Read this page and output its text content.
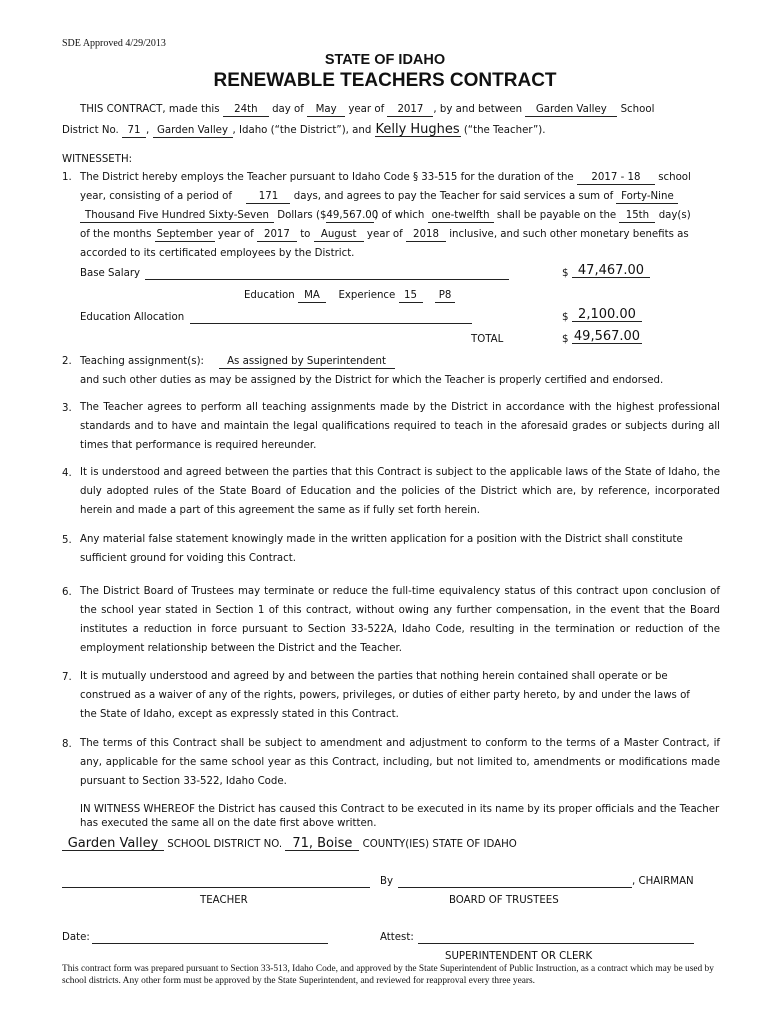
SDE Approved 4/29/2013
STATE OF IDAHO
RENEWABLE TEACHERS CONTRACT
THIS CONTRACT, made this 24th day of May year of 2017 , by and between Garden Valley School
District No. 71 , Garden Valley , Idaho (“the District”), and Kelly Hughes (“the Teacher”).
WITNESSETH:
1. The District hereby employs the Teacher pursuant to Idaho Code § 33-515 for the duration of the 2017 - 18 school
year, consisting of a period of	171 days, and agrees to pay the Teacher for said services a sum of Forty-Nine
Thousand Five Hundred Sixty-Seven Dollars ($49,567.00) of which one-twelfth shall be payable on the 15th day(s)
of the months September year of 2017 to August year of 2018 inclusive, and such other monetary benefits as
accorded to its certificated employees by the District.
Base Salary	$ 47,467.00
Education MA Experience 15 P8
Education Allocation	$ 2,100.00
TOTAL	$ 49,567.00
2. Teaching assignment(s): As assigned by Superintendent
and such other duties as may be assigned by the District for which the Teacher is properly certified and endorsed.
3. The Teacher agrees to perform all teaching assignments made by the District in accordance with the highest professional standards and to have and maintain the legal qualifications required to teach in the aforesaid grades or subjects during all times that performance is required hereunder.
4. It is understood and agreed between the parties that this Contract is subject to the applicable laws of the State of Idaho, the duly adopted rules of the State Board of Education and the policies of the District which are, by reference, incorporated herein and made a part of this agreement the same as if fully set forth herein.
5. Any material false statement knowingly made in the written application for a position with the District shall constitute sufficient ground for voiding this Contract.
6. The District Board of Trustees may terminate or reduce the full-time equivalency status of this contract upon conclusion of the school year stated in Section 1 of this contract, without owing any further compensation, in the event that the Board institutes a reduction in force pursuant to Section 33-522A, Idaho Code, resulting in the termination or reduction of the employment relationship between the District and the Teacher.
7. It is mutually understood and agreed by and between the parties that nothing herein contained shall operate or be construed as a waiver of any of the rights, powers, privileges, or duties of either party hereto, by and under the laws of the State of Idaho, except as expressly stated in this Contract.
8. The terms of this Contract shall be subject to amendment and adjustment to conform to the terms of a Master Contract, if any, applicable for the same school year as this Contract, including, but not limited to, amendments or modifications made pursuant to Section 33-522, Idaho Code.
IN WITNESS WHEREOF the District has caused this Contract to be executed in its name by its proper officials and the Teacher has executed the same all on the date first above written.
Garden Valley SCHOOL DISTRICT NO. 71, Boise COUNTY(IES) STATE OF IDAHO
By	, CHAIRMAN
TEACHER	BOARD OF TRUSTEES
Date:	Attest:
SUPERINTENDENT OR CLERK
This contract form was prepared pursuant to Section 33-513, Idaho Code, and approved by the State Superintendent of Public Instruction, as a contract which may be used by school districts. Any other form must be approved by the State Superintendent, and reviewed for reapproval every three years.
